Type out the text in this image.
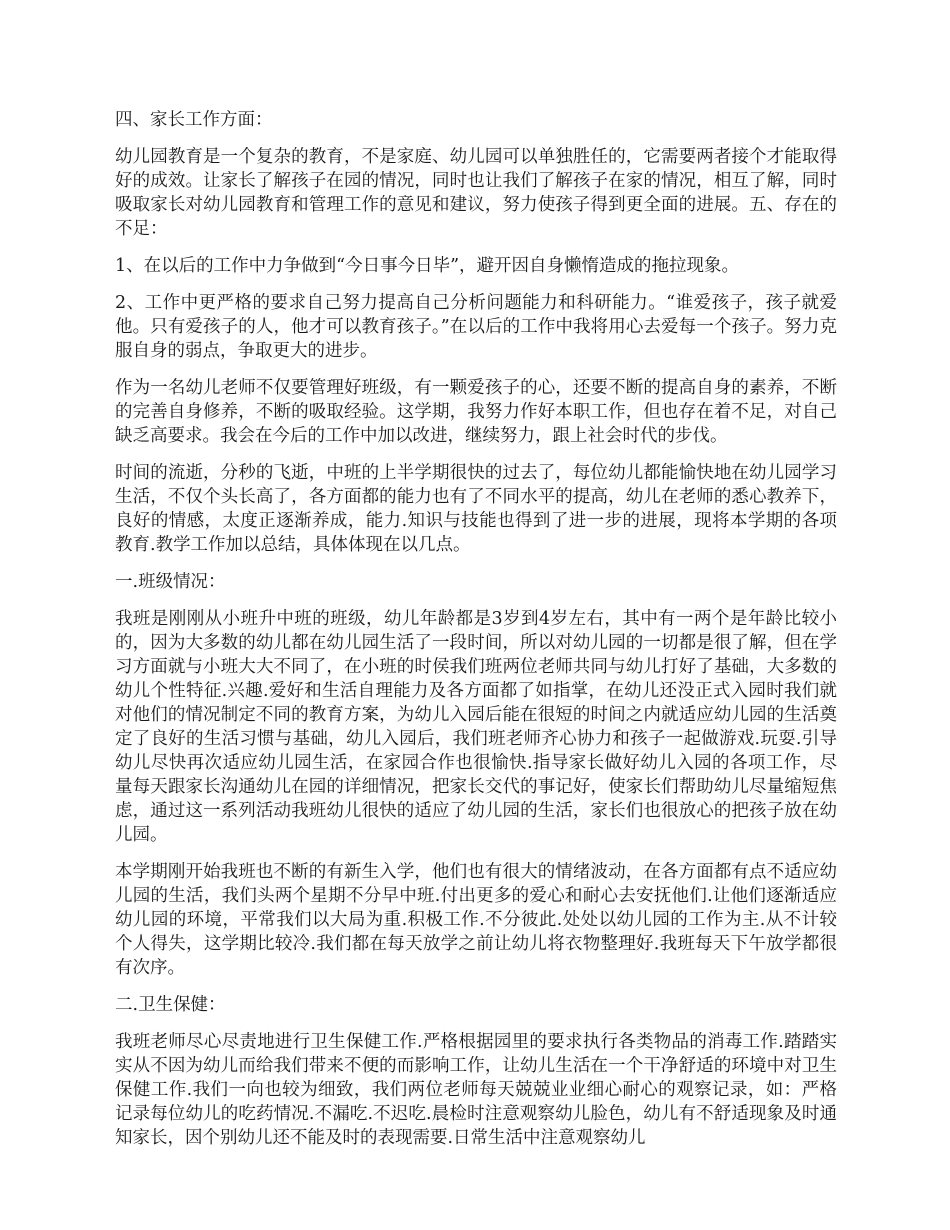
四、家长工作方面：

幼儿园教育是一个复杂的教育，不是家庭、幼儿园可以单独胜任的，它需要两者接个才能取得好的成效。让家长了解孩子在园的情况，同时也让我们了解孩子在家的情况，相互了解，同时吸取家长对幼儿园教育和管理工作的意见和建议，努力使孩子得到更全面的进展。五、存在的不足：

1、在以后的工作中力争做到“今日事今日毕”，避开因自身懒惰造成的拖拉现象。

2、工作中更严格的要求自己努力提高自己分析问题能力和科研能力。“谁爱孩子，孩子就爱他。只有爱孩子的人，他才可以教育孩子。”在以后的工作中我将用心去爱每一个孩子。努力克服自身的弱点，争取更大的进步。

作为一名幼儿老师不仅要管理好班级，有一颗爱孩子的心，还要不断的提高自身的素养，不断的完善自身修养，不断的吸取经验。这学期，我努力作好本职工作，但也存在着不足，对自己缺乏高要求。我会在今后的工作中加以改进，继续努力，跟上社会时代的步伐。

时间的流逝，分秒的飞逝，中班的上半学期很快的过去了，每位幼儿都能愉快地在幼儿园学习生活，不仅个头长高了，各方面都的能力也有了不同水平的提高，幼儿在老师的悉心教养下，良好的情感，太度正逐渐养成，能力.知识与技能也得到了进一步的进展，现将本学期的各项教育.教学工作加以总结，具体体现在以几点。

一.班级情况：

我班是刚刚从小班升中班的班级，幼儿年龄都是3岁到4岁左右，其中有一两个是年龄比较小的，因为大多数的幼儿都在幼儿园生活了一段时间，所以对幼儿园的一切都是很了解，但在学习方面就与小班大大不同了，在小班的时侯我们班两位老师共同与幼儿打好了基础，大多数的幼儿个性特征.兴趣.爱好和生活自理能力及各方面都了如指掌，在幼儿还没正式入园时我们就对他们的情况制定不同的教育方案，为幼儿入园后能在很短的时间之内就适应幼儿园的生活奠定了良好的生活习惯与基础，幼儿入园后，我们班老师齐心协力和孩子一起做游戏.玩耍.引导幼儿尽快再次适应幼儿园生活，在家园合作也很愉快.指导家长做好幼儿入园的各项工作，尽量每天跟家长沟通幼儿在园的详细情况，把家长交代的事记好，使家长们帮助幼儿尽量缩短焦虑，通过这一系列活动我班幼儿很快的适应了幼儿园的生活，家长们也很放心的把孩子放在幼儿园。

本学期刚开始我班也不断的有新生入学，他们也有很大的情绪波动，在各方面都有点不适应幼儿园的生活，我们头两个星期不分早中班.付出更多的爱心和耐心去安抚他们.让他们逐渐适应幼儿园的环境，平常我们以大局为重.积极工作.不分彼此.处处以幼儿园的工作为主.从不计较个人得失，这学期比较冷.我们都在每天放学之前让幼儿将衣物整理好.我班每天下午放学都很有次序。

二.卫生保健：

我班老师尽心尽责地进行卫生保健工作.严格根据园里的要求执行各类物品的消毒工作.踏踏实实从不因为幼儿而给我们带来不便的而影响工作，让幼儿生活在一个干净舒适的环境中对卫生保健工作.我们一向也较为细致，我们两位老师每天兢兢业业细心耐心的观察记录，如：严格记录每位幼儿的吃药情况.不漏吃.不迟吃.晨检时注意观察幼儿脸色，幼儿有不舒适现象及时通知家长，因个别幼儿还不能及时的表现需要.日常生活中注意观察幼儿
